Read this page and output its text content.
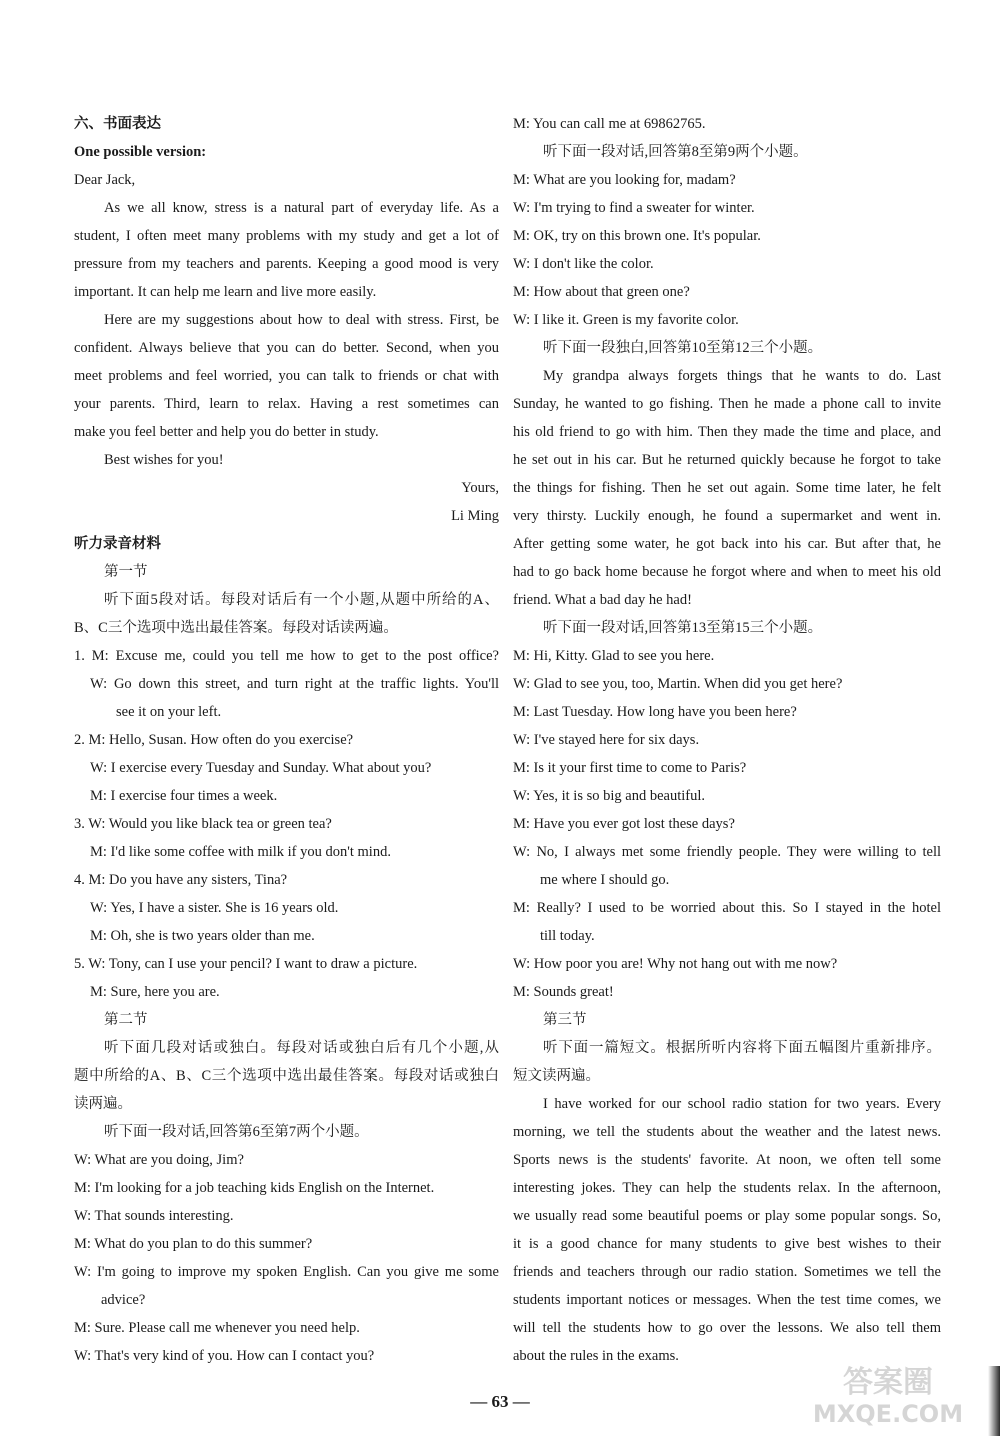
六、书面表达

One possible version:

Dear Jack,

As we all know, stress is a natural part of everyday life. As a

student, I often meet many problems with my study and get a lot of

pressure from my teachers and parents. Keeping a good mood is very

important. It can help me learn and live more easily.

Here are my suggestions about how to deal with stress. First, be

confident. Always believe that you can do better. Second, when you

meet problems and feel worried, you can talk to friends or chat with

your parents. Third, learn to relax. Having a rest sometimes can

make you feel better and help you do better in study.

Best wishes for you!

Yours,

Li Ming

听力录音材料

第一节

听下面5段对话。每段对话后有一个小题,从题中所给的A、

B、C三个选项中选出最佳答案。每段对话读两遍。

1. M: Excuse me, could you tell me how to get to the post office?

W: Go down this street, and turn right at the traffic lights. You'll

see it on your left.

2. M: Hello, Susan. How often do you exercise?

W: I exercise every Tuesday and Sunday. What about you?

M: I exercise four times a week.

3. W: Would you like black tea or green tea?

M: I'd like some coffee with milk if you don't mind.

4. M: Do you have any sisters, Tina?

W: Yes, I have a sister. She is 16 years old.

M: Oh, she is two years older than me.

5. W: Tony, can I use your pencil? I want to draw a picture.

M: Sure, here you are.

第二节

听下面几段对话或独白。每段对话或独白后有几个小题,从

题中所给的A、B、C三个选项中选出最佳答案。每段对话或独白

读两遍。

听下面一段对话,回答第6至第7两个小题。

W: What are you doing, Jim?

M: I'm looking for a job teaching kids English on the Internet.

W: That sounds interesting.

M: What do you plan to do this summer?

W: I'm going to improve my spoken English. Can you give me some

advice?

M: Sure. Please call me whenever you need help.

W: That's very kind of you. How can I contact you?

M: You can call me at 69862765.

听下面一段对话,回答第8至第9两个小题。

M: What are you looking for, madam?

W: I'm trying to find a sweater for winter.

M: OK, try on this brown one. It's popular.

W: I don't like the color.

M: How about that green one?

W: I like it. Green is my favorite color.

听下面一段独白,回答第10至第12三个小题。

My grandpa always forgets things that he wants to do. Last

Sunday, he wanted to go fishing. Then he made a phone call to invite

his old friend to go with him. Then they made the time and place, and

he set out in his car. But he returned quickly because he forgot to take

the things for fishing. Then he set out again. Some time later, he felt

very thirsty. Luckily enough, he found a supermarket and went in.

After getting some water, he got back into his car. But after that, he

had to go back home because he forgot where and when to meet his old

friend. What a bad day he had!

听下面一段对话,回答第13至第15三个小题。

M: Hi, Kitty. Glad to see you here.

W: Glad to see you, too, Martin. When did you get here?

M: Last Tuesday. How long have you been here?

W: I've stayed here for six days.

M: Is it your first time to come to Paris?

W: Yes, it is so big and beautiful.

M: Have you ever got lost these days?

W: No, I always met some friendly people. They were willing to tell

me where I should go.

M: Really? I used to be worried about this. So I stayed in the hotel

till today.

W: How poor you are! Why not hang out with me now?

M: Sounds great!

第三节

听下面一篇短文。根据所听内容将下面五幅图片重新排序。

短文读两遍。

I have worked for our school radio station for two years. Every

morning, we tell the students about the weather and the latest news.

Sports news is the students' favorite. At noon, we often tell some

interesting jokes. They can help the students relax. In the afternoon,

we usually read some beautiful poems or play some popular songs. So,

it is a good chance for many students to give best wishes to their

friends and teachers through our radio station. Sometimes we tell the

students important notices or messages. When the test time comes, we

will tell the students how to go over the lessons. We also tell them

about the rules in the exams.

— 63 —
答案圈
MXQE.COM
